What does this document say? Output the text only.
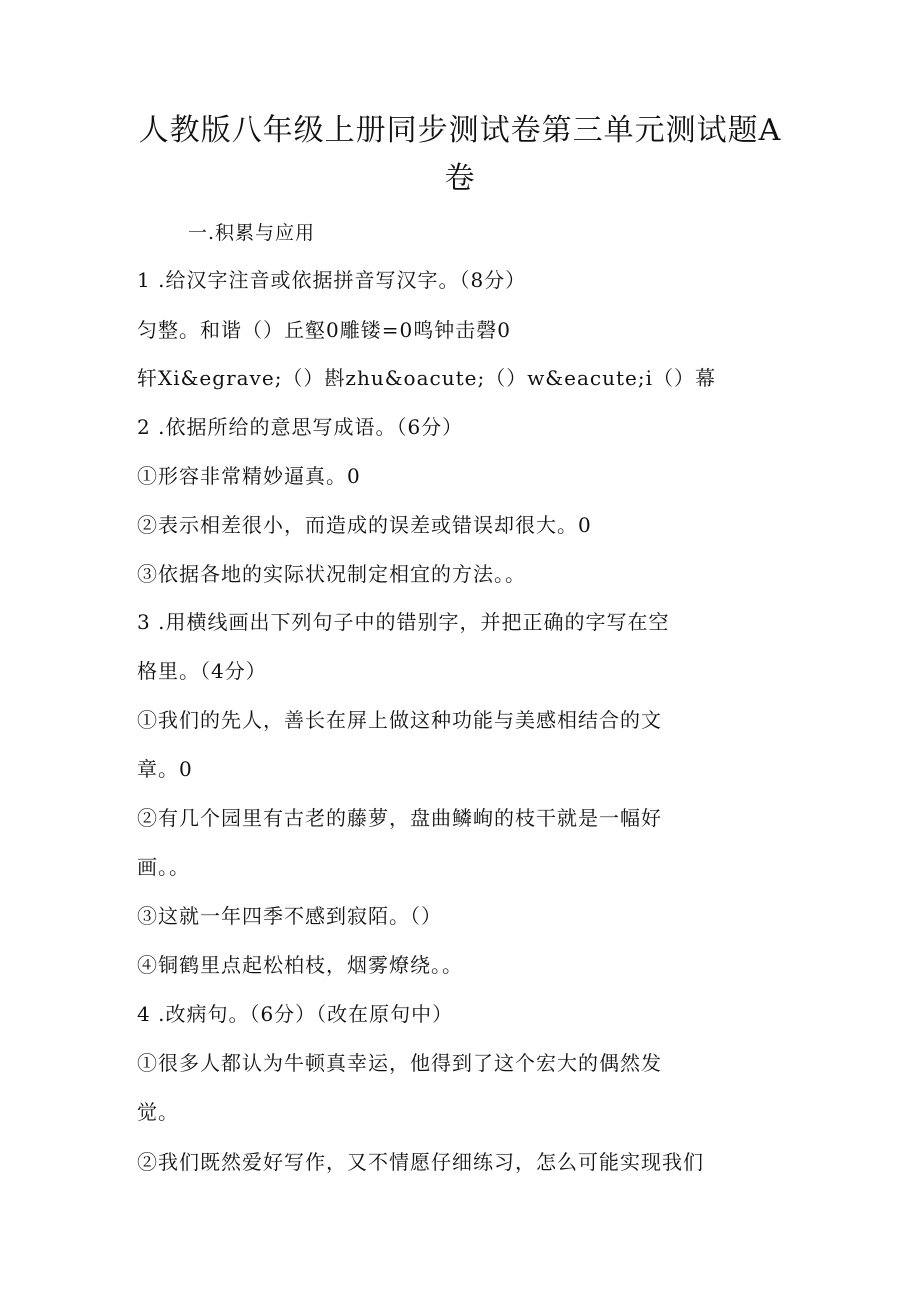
人教版八年级上册同步测试卷第三单元测试题A
卷
一.积累与应用
1 .给汉字注音或依据拼音写汉字。（8分）
匀整。和谐（）丘壑0雕镂=0鸣钟击磬0
轩Xi&egrave;（）斟zhu&oacute;（）w&eacute;i（）幕
2 .依据所给的意思写成语。（6分）
①形容非常精妙逼真。0
②表示相差很小，而造成的误差或错误却很大。0
③依据各地的实际状况制定相宜的方法。。
3 .用横线画出下列句子中的错别字，并把正确的字写在空
格里。（4分）
①我们的先人，善长在屏上做这种功能与美感相结合的文
章。0
②有几个园里有古老的藤萝，盘曲鳞峋的枝干就是一幅好
画。。
③这就一年四季不感到寂陌。（）
④铜鹤里点起松柏枝，烟雾燎绕。。
4 .改病句。（6分）（改在原句中）
①很多人都认为牛顿真幸运，他得到了这个宏大的偶然发
觉。
②我们既然爱好写作，又不情愿仔细练习，怎么可能实现我们
